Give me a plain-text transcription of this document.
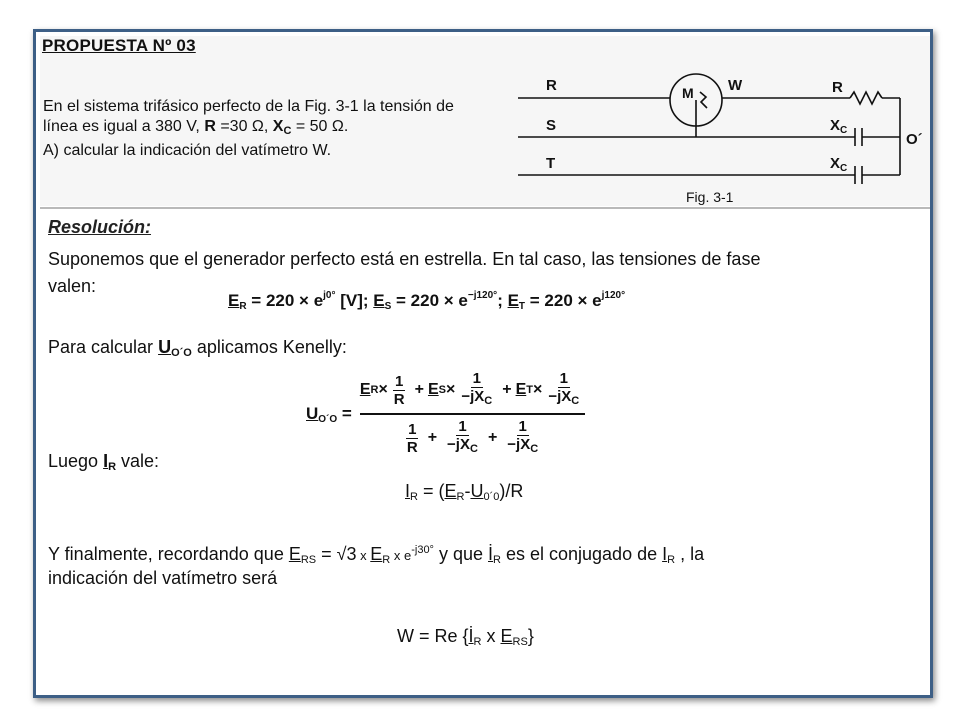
PROPUESTA Nº 03
En el sistema trifásico perfecto de la Fig. 3-1 la tensión de
línea es igual a 380 V, R =30 Ω, $X_C = 50$ Ω.
A) calcular la indicación del vatímetro W.
R
S
T
W
M	R
$X_C$
$X_C$
O´
Fig. 3-1
Resolución:
Suponemos que el generador perfecto está en estrella. En tal caso, las tensiones de fase
valen:
$E_R = 220 \times e^{j0^\circ}$ [V]; $E_S = 220 \times e^{-j120^\circ}$; $E_T = 220 \times e^{j120^\circ}$
Para calcular $U_{O´O}$ aplicamos Kenelly:
$U_{O´O}$ =
E $R \times \frac{1}{R} + E$ S ×
1
$-jX_C$
+ E T ×
1
$-jX_C$
$\frac{1}{R}$ +
1
$-jX_C$
+
1
$-jX_C$
Luego $I_R$ vale:
$I_R = (E_R-U_{0´0})/R$
Y finalmente, recordando que $E_{RS} = √3$ x $E_R$ x $e^{-j30^\circ}$ y que $İ_R$ es el conjugado de $I_R$ , la
indicación del vatímetro será
W = Re {$İ_R$ x $E_{RS}$}
